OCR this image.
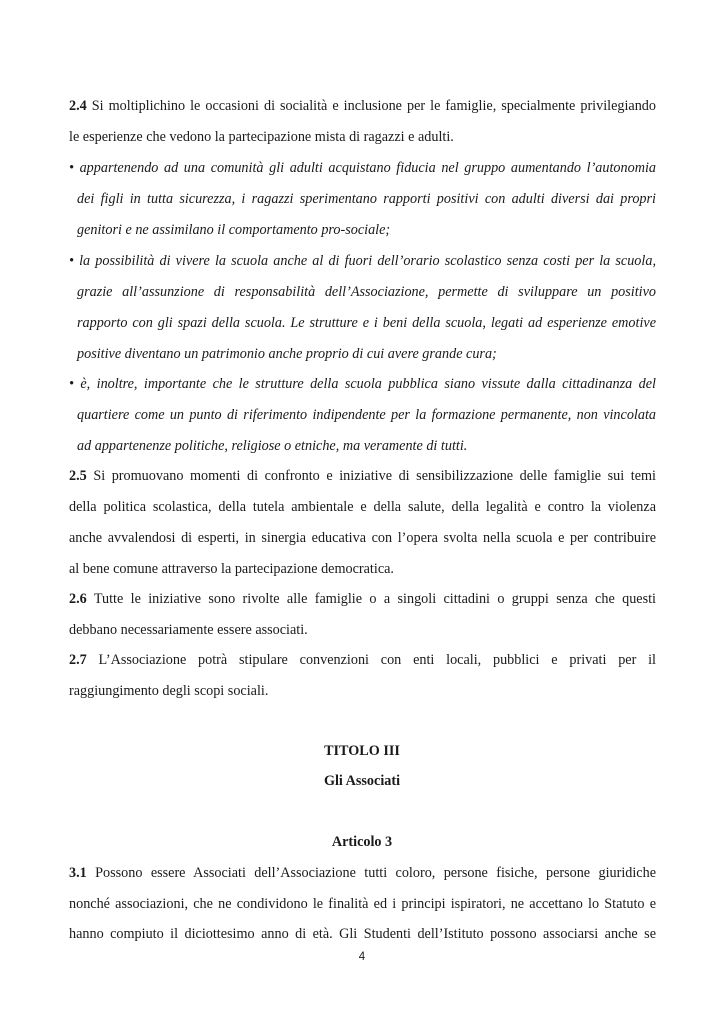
2.4 Si moltiplichino le occasioni di socialità e inclusione per le famiglie, specialmente privilegiando
le esperienze che vedono la partecipazione mista di ragazzi e adulti.
• appartenendo ad una comunità gli adulti acquistano fiducia nel gruppo aumentando l’autonomia
dei figli in tutta sicurezza, i ragazzi sperimentano rapporti positivi con adulti diversi dai propri
genitori e ne assimilano il comportamento pro-sociale;
• la possibilità di vivere la scuola anche al di fuori dell’orario scolastico senza costi per la scuola,
grazie all’assunzione di responsabilità dell’Associazione, permette di sviluppare un positivo
rapporto con gli spazi della scuola. Le strutture e i beni della scuola, legati ad esperienze emotive
positive diventano un patrimonio anche proprio di cui avere grande cura;
• è, inoltre, importante che le strutture della scuola pubblica siano vissute dalla cittadinanza del
quartiere come un punto di riferimento indipendente per la formazione permanente, non vincolata
ad appartenenze politiche, religiose o etniche, ma veramente di tutti.
2.5 Si promuovano momenti di confronto e iniziative di sensibilizzazione delle famiglie sui temi
della politica scolastica, della tutela ambientale e della salute, della legalità e contro la violenza
anche avvalendosi di esperti, in sinergia educativa con l’opera svolta nella scuola e per contribuire
al bene comune attraverso la partecipazione democratica.
2.6 Tutte le iniziative sono rivolte alle famiglie o a singoli cittadini o gruppi senza che questi
debbano necessariamente essere associati.
2.7 L’Associazione potrà stipulare convenzioni con enti locali, pubblici e privati per il
raggiungimento degli scopi sociali.
TITOLO III
Gli Associati
Articolo 3
3.1 Possono essere Associati dell’Associazione tutti coloro, persone fisiche, persone giuridiche
nonché associazioni, che ne condividono le finalità ed i principi ispiratori, ne accettano lo Statuto e
hanno compiuto il diciottesimo anno di età. Gli Studenti dell’Istituto possono associarsi anche se
4
